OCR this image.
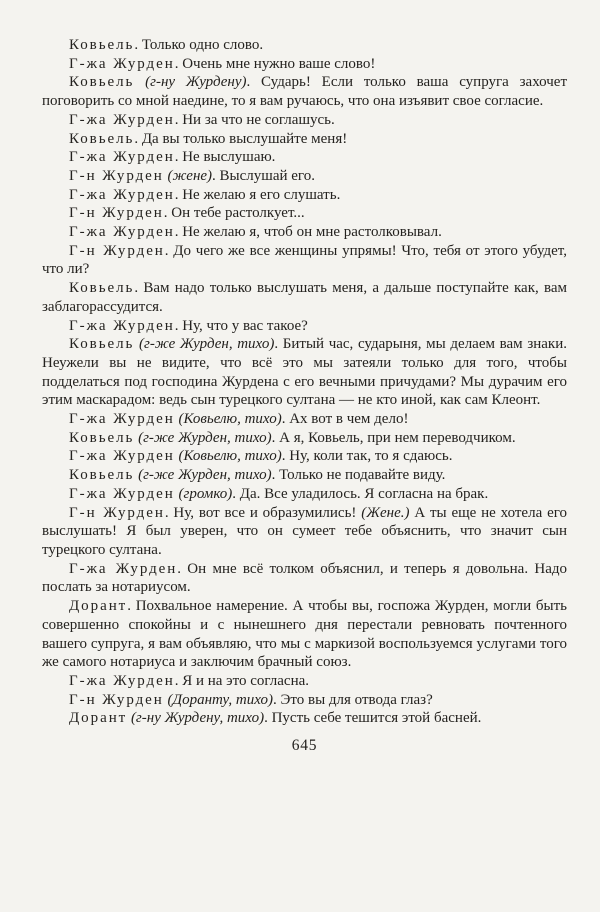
Ковьель. Только одно слово.

Г-жа Журден. Очень мне нужно ваше слово!

Ковьель (г-ну Журдену). Сударь! Если только ваша супруга захочет поговорить со мной наедине, то я вам ручаюсь, что она изъявит свое согласие.

Г-жа Журден. Ни за что не соглашусь.

Ковьель. Да вы только выслушайте меня!

Г-жа Журден. Не выслушаю.

Г-н Журден (жене). Выслушай его.

Г-жа Журден. Не желаю я его слушать.

Г-н Журден. Он тебе растолкует...

Г-жа Журден. Не желаю я, чтоб он мне растолковывал.

Г-н Журден. До чего же все женщины упрямы! Что, тебя от этого убудет, что ли?

Ковьель. Вам надо только выслушать меня, а дальше поступайте как, вам заблагорассудится.

Г-жа Журден. Ну, что у вас такое?

Ковьель (г-же Журден, тихо). Битый час, сударыня, мы делаем вам знаки. Неужели вы не видите, что всё это мы затеяли только для того, чтобы подделаться под господина Журдена с его вечными причудами? Мы дурачим его этим маскарадом: ведь сын турецкого султана — не кто иной, как сам Клеонт.

Г-жа Журден (Ковьелю, тихо). Ах вот в чем дело!

Ковьель (г-же Журден, тихо). А я, Ковьель, при нем переводчиком.

Г-жа Журден (Ковьелю, тихо). Ну, коли так, то я сдаюсь.

Ковьель (г-же Журден, тихо). Только не подавайте виду.

Г-жа Журден (громко). Да. Все уладилось. Я согласна на брак.

Г-н Журден. Ну, вот все и образумились! (Жене.) А ты еще не хотела его выслушать! Я был уверен, что он сумеет тебе объяснить, что значит сын турецкого султана.

Г-жа Журден. Он мне всё толком объяснил, и теперь я довольна. Надо послать за нотариусом.

Дорант. Похвальное намерение. А чтобы вы, госпожа Журден, могли быть совершенно спокойны и с нынешнего дня перестали ревновать почтенного вашего супруга, я вам объявляю, что мы с маркизой воспользуемся услугами того же самого нотариуса и заключим брачный союз.

Г-жа Журден. Я и на это согласна.

Г-н Журден (Доранту, тихо). Это вы для отвода глаз?

Дорант (г-ну Журдену, тихо). Пусть себе тешится этой басней.

645
